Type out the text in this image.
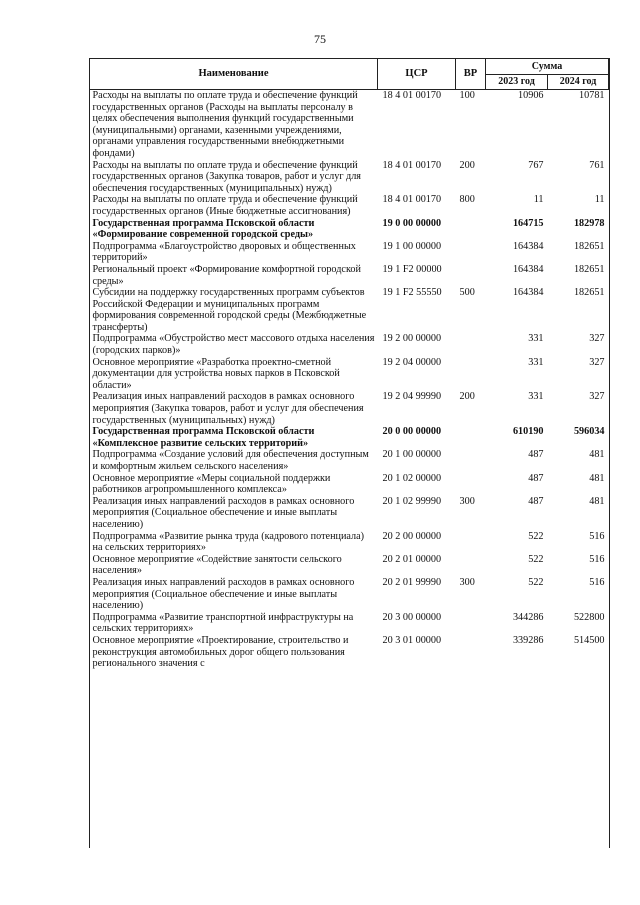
75
Наименование	ЦСР	ВР	Сумма	
			2023 год	2024 год
Расходы на выплаты по оплате труда и обеспечение функций государственных органов (Расходы на выплаты персоналу в целях обеспечения выполнения функций государственными (муниципальными) органами, казенными учреждениями, органами управления государственными внебюджетными фондами)	18 4 01 00170	100	10906	10781
Расходы на выплаты по оплате труда и обеспечение функций государственных органов (Закупка товаров, работ и услуг для обеспечения государственных (муниципальных) нужд)	18 4 01 00170	200	767	761
Расходы на выплаты по оплате труда и обеспечение функций государственных органов (Иные бюджетные ассигнования)	18 4 01 00170	800	11	11
Государственная программа Псковской области «Формирование современной городской среды»	19 0 00 00000		164715	182978
Подпрограмма «Благоустройство дворовых и общественных территорий»	19 1 00 00000		164384	182651
Региональный проект «Формирование комфортной городской среды»	19 1 F2 00000		164384	182651
Субсидии на поддержку государственных программ субъектов Российской Федерации и муниципальных программ формирования современной городской среды (Межбюджетные трансферты)	19 1 F2 55550	500	164384	182651
Подпрограмма «Обустройство мест массового отдыха населения (городских парков)»	19 2 00 00000		331	327
Основное мероприятие «Разработка проектно-сметной документации для устройства новых парков в Псковской области»	19 2 04 00000		331	327
Реализация иных направлений расходов в рамках основного мероприятия (Закупка товаров, работ и услуг для обеспечения государственных (муниципальных) нужд)	19 2 04 99990	200	331	327
Государственная программа Псковской области «Комплексное развитие сельских территорий»	20 0 00 00000		610190	596034
Подпрограмма «Создание условий для обеспечения доступным и комфортным жильем сельского населения»	20 1 00 00000		487	481
Основное мероприятие «Меры социальной поддержки работников агропромышленного комплекса»	20 1 02 00000		487	481
Реализация иных направлений расходов в рамках основного мероприятия (Социальное обеспечение и иные выплаты населению)	20 1 02 99990	300	487	481
Подпрограмма «Развитие рынка труда (кадрового потенциала) на сельских территориях»	20 2 00 00000		522	516
Основное мероприятие «Содействие занятости сельского населения»	20 2 01 00000		522	516
Реализация иных направлений расходов в рамках основного мероприятия (Социальное обеспечение и иные выплаты населению)	20 2 01 99990	300	522	516
Подпрограмма «Развитие транспортной инфраструктуры на сельских территориях»	20 3 00 00000		344286	522800
Основное мероприятие «Проектирование, строительство и реконструкция автомобильных дорог общего пользования регионального значения с	20 3 01 00000		339286	514500
